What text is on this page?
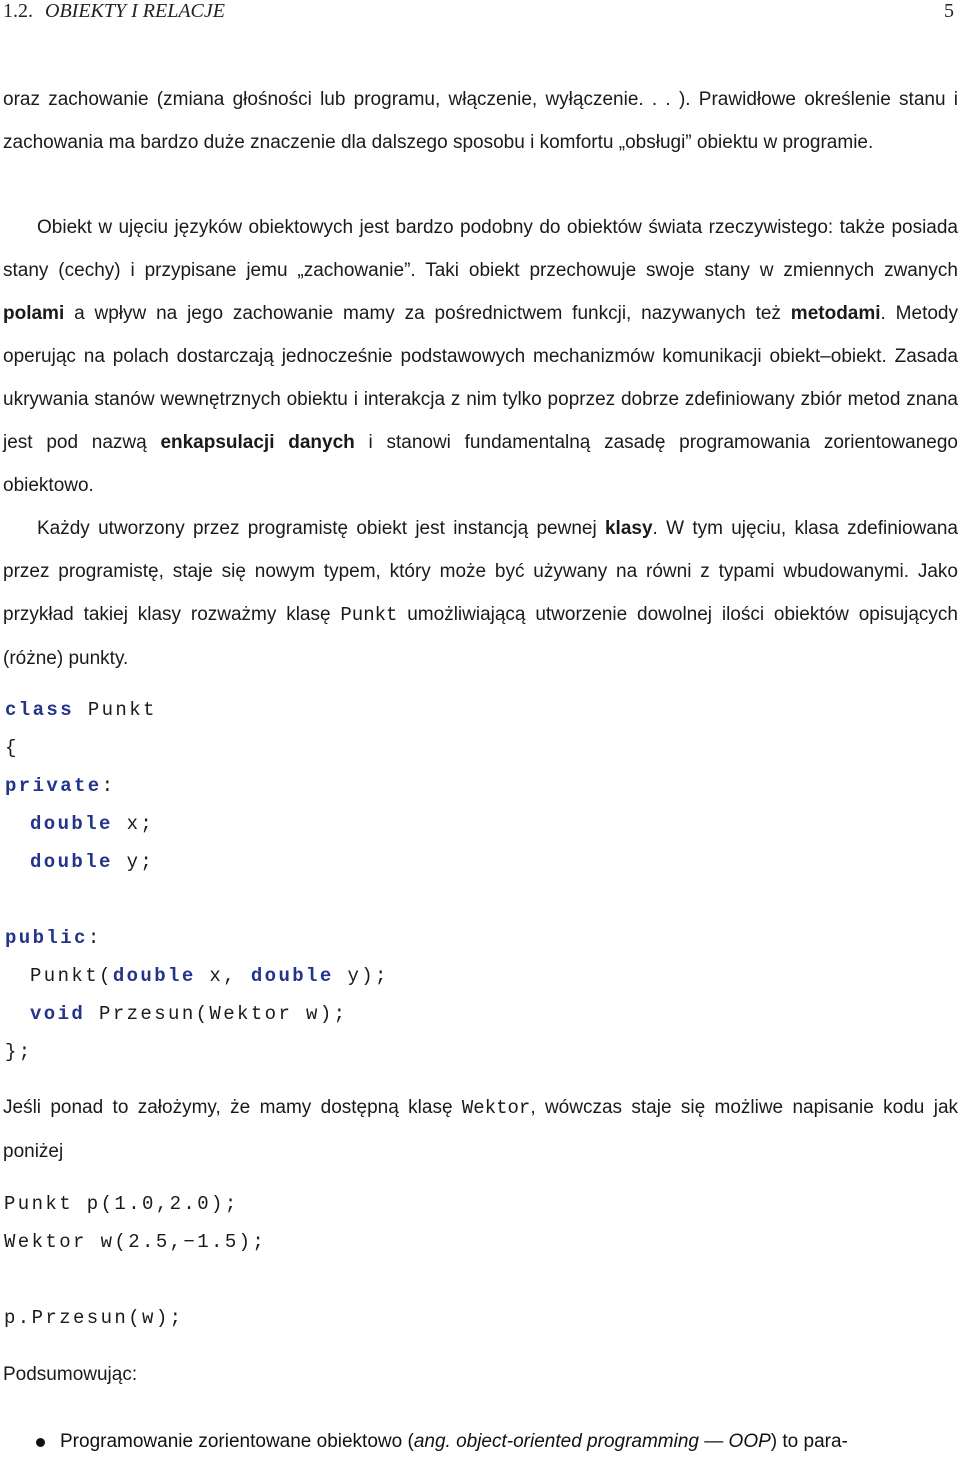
1.2. OBIEKTY I RELACJE	5

oraz zachowanie (zmiana głośności lub programu, włączenie, wyłączenie. . . ). Prawidłowe określenie stanu i zachowania ma bardzo duże znaczenie dla dalszego sposobu i komfortu „obsługi” obiektu w programie.

Obiekt w ujęciu języków obiektowych jest bardzo podobny do obiektów świata rzeczywistego: także posiada stany (cechy) i przypisane jemu „zachowanie”. Taki obiekt przechowuje swoje stany w zmiennych zwanych polami a wpływ na jego zachowanie mamy za pośrednictwem funkcji, nazywanych też metodami. Metody operując na polach dostarczają jednocześnie podstawowych mechanizmów komunikacji obiekt–obiekt. Zasada ukrywania stanów wewnętrznych obiektu i interakcja z nim tylko poprzez dobrze zdefiniowany zbiór metod znana jest pod nazwą enkapsulacji danych i stanowi fundamentalną zasadę programowania zorientowanego obiektowo.

Każdy utworzony przez programistę obiekt jest instancją pewnej klasy. W tym ujęciu, klasa zdefiniowana przez programistę, staje się nowym typem, który może być używany na równi z typami wbudowanymi. Jako przykład takiej klasy rozważmy klasę Punkt umożliwiającą utworzenie dowolnej ilości obiektów opisujących (różne) punkty.

class Punkt
{
private:
double x;
double y;
public:
Punkt(double x, double y);
void Przesun(Wektor w);
};

Jeśli ponad to założymy, że mamy dostępną klasę Wektor, wówczas staje się możliwe napisanie kodu jak poniżej

Punkt p(1.0,2.0);
Wektor w(2.5,−1.5);
p.Przesun(w);

Podsumowując:

Programowanie zorientowane obiektowo (ang. object-oriented programming — OOP) to para-
